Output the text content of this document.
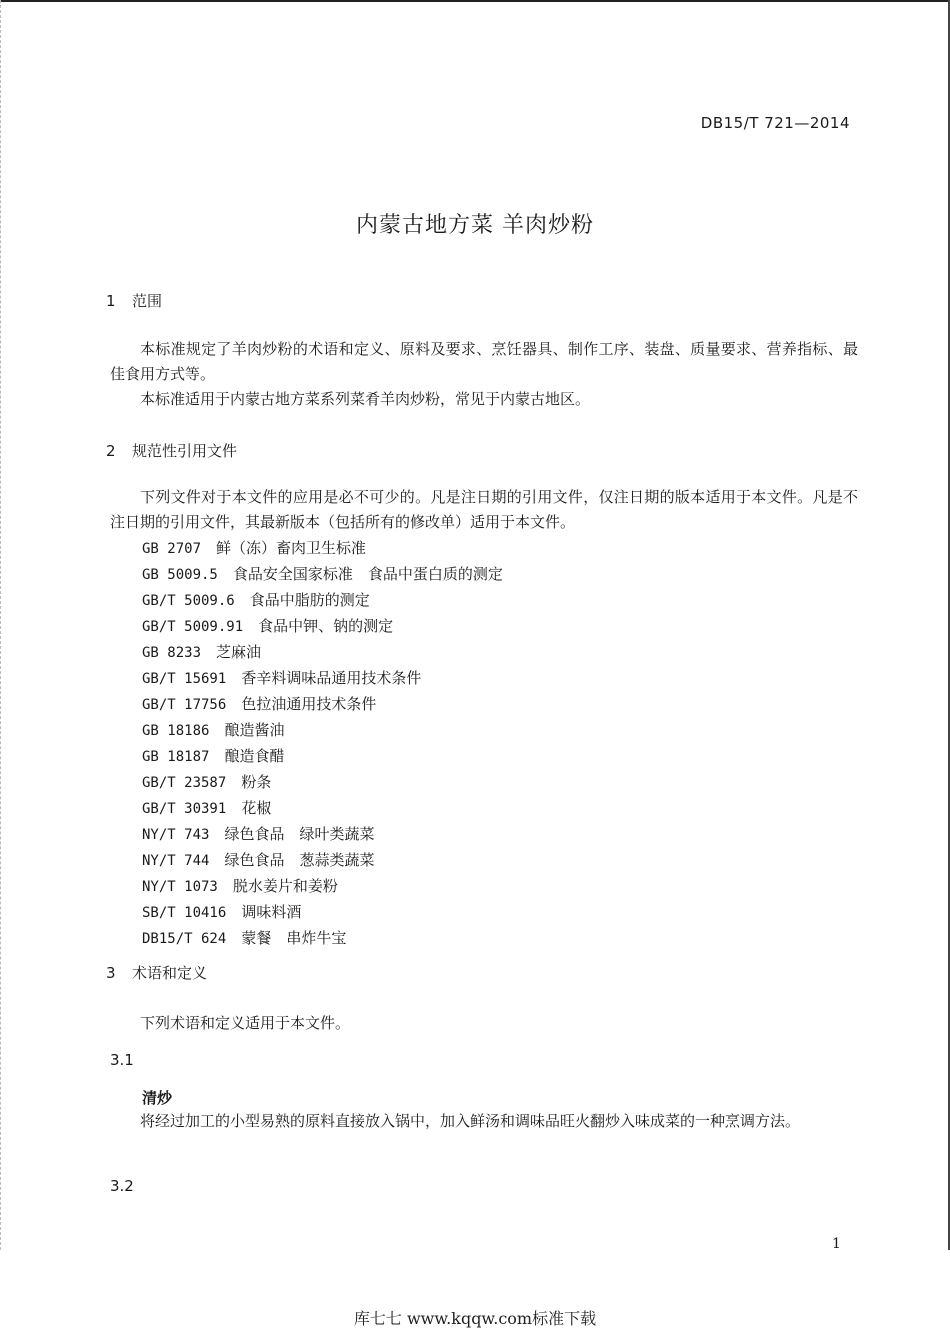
DB15/T 721—2014
内蒙古地方菜 羊肉炒粉
1 范围
本标准规定了羊肉炒粉的术语和定义、原料及要求、烹饪器具、制作工序、装盘、质量要求、营养指标、最佳食用方式等。
本标准适用于内蒙古地方菜系列菜肴羊肉炒粉，常见于内蒙古地区。
2 规范性引用文件
下列文件对于本文件的应用是必不可少的。凡是注日期的引用文件，仅注日期的版本适用于本文件。凡是不注日期的引用文件，其最新版本（包括所有的修改单）适用于本文件。
GB 2707　 鲜（冻）畜肉卫生标准
GB 5009.5　 食品安全国家标准　食品中蛋白质的测定
GB/T 5009.6　 食品中脂肪的测定
GB/T 5009.91　 食品中钾、钠的测定
GB 8233　 芝麻油
GB/T 15691　 香辛料调味品通用技术条件
GB/T 17756　 色拉油通用技术条件
GB 18186　 酿造酱油
GB 18187　 酿造食醋
GB/T 23587　 粉条
GB/T 30391　 花椒
NY/T 743　 绿色食品　绿叶类蔬菜
NY/T 744　 绿色食品　葱蒜类蔬菜
NY/T 1073　 脱水姜片和姜粉
SB/T 10416　 调味料酒
DB15/T 624　 蒙餐　串炸牛宝
3 术语和定义
下列术语和定义适用于本文件。
3.1
清炒
将经过加工的小型易熟的原料直接放入锅中，加入鲜汤和调味品旺火翻炒入味成菜的一种烹调方法。
3.2
1
库七七 www.kqqw.com标准下载
